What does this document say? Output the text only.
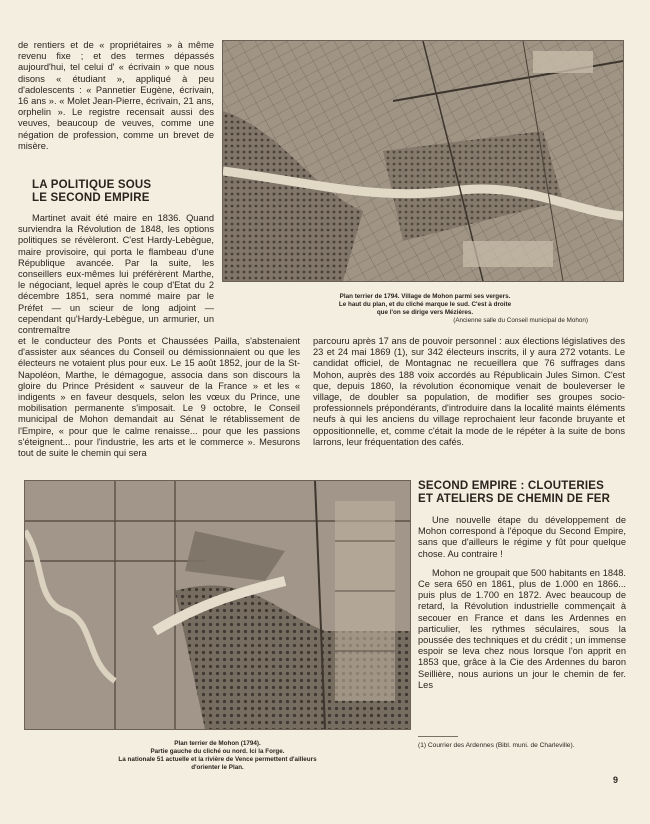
de rentiers et de « propriétaires » à même revenu fixe ; et des termes dépassés aujourd'hui, tel celui d' « écrivain » que nous disons « étudiant », appliqué à peu d'adolescents : « Pannetier Eugène, écrivain, 16 ans ». « Molet Jean-Pierre, écrivain, 21 ans, orphelin ». Le registre recensait aussi des veuves, beaucoup de veuves, comme une négation de profession, comme un brevet de misère.

LA POLITIQUE SOUS
LE SECOND EMPIRE

Martinet avait été maire en 1836. Quand surviendra la Révolution de 1848, les options politiques se révèleront. C'est Hardy-Lebègue, maire provisoire, qui porta le flambeau d'une République avancée. Par la suite, les conseillers eux-mêmes lui préférèrent Marthe, le négociant, lequel après le coup d'Etat du 2 décembre 1851, sera nommé maire par le Préfet — un scieur de long adjoint — cependant qu'Hardy-Lebègue, un armurier, un contremaître

Plan terrier de 1794. Village de Mohon parmi ses vergers.
Le haut du plan, et du cliché marque le sud. C'est à droite
que l'on se dirige vers Mézières.
(Ancienne salle du Conseil municipal de Mohon)

et le conducteur des Ponts et Chaussées Pailla, s'abstenaient d'assister aux séances du Conseil ou démissionnaient ou que les électeurs ne votaient plus pour eux. Le 15 août 1852, jour de la St-Napoléon, Marthe, le démagogue, associa dans son discours la gloire du Prince Président « sauveur de la France » et les « indigents » en faveur desquels, selon les vœux du Prince, une mobilisation permanente s'imposait. Le 9 octobre, le Conseil municipal de Mohon demandait au Sénat le rétablissement de l'Empire, « pour que le calme renaisse... pour que les passions s'éteignent... pour l'industrie, les arts et le commerce ». Mesurons tout de suite le chemin qui sera

parcouru après 17 ans de pouvoir personnel : aux élections législatives des 23 et 24 mai 1869 (1), sur 342 électeurs inscrits, il y aura 272 votants. Le candidat officiel, de Montagnac ne recueillera que 76 suffrages dans Mohon, auprès des 188 voix accordés au Républicain Jules Simon. C'est que, depuis 1860, la révolution économique venait de bouleverser le village, de doubler sa population, de modifier ses groupes socio-professionnels prépondérants, d'introduire dans la localité maints éléments neufs à qui les anciens du village reprochaient leur faconde bruyante et oppositionnelle, et, comme c'était la mode de le répéter à la suite de bons larrons, leur fréquentation des cafés.

Plan terrier de Mohon (1794).
Partie gauche du cliché ou nord. Ici la Forge.
La nationale 51 actuelle et la rivière de Vence permettent d'ailleurs
d'orienter le Plan.
SECOND EMPIRE : CLOUTERIES
ET ATELIERS DE CHEMIN DE FER

Une nouvelle étape du développement de Mohon correspond à l'époque du Second Empire, sans que d'ailleurs le régime y fût pour quelque chose. Au contraire !

Mohon ne groupait que 500 habitants en 1848. Ce sera 650 en 1861, plus de 1.000 en 1866... puis plus de 1.700 en 1872. Avec beaucoup de retard, la Révolution industrielle commençait à secouer en France et dans les Ardennes en particulier, les rythmes séculaires, sous la poussée des techniques et du crédit ; un immense espoir se leva chez nous lorsque l'on apprit en 1853 que, grâce à la Cie des Ardennes du baron Seillière, nous aurions un jour le chemin de fer. Les

(1) Courrier des Ardennes (Bibl. muni. de Charleville).
9
